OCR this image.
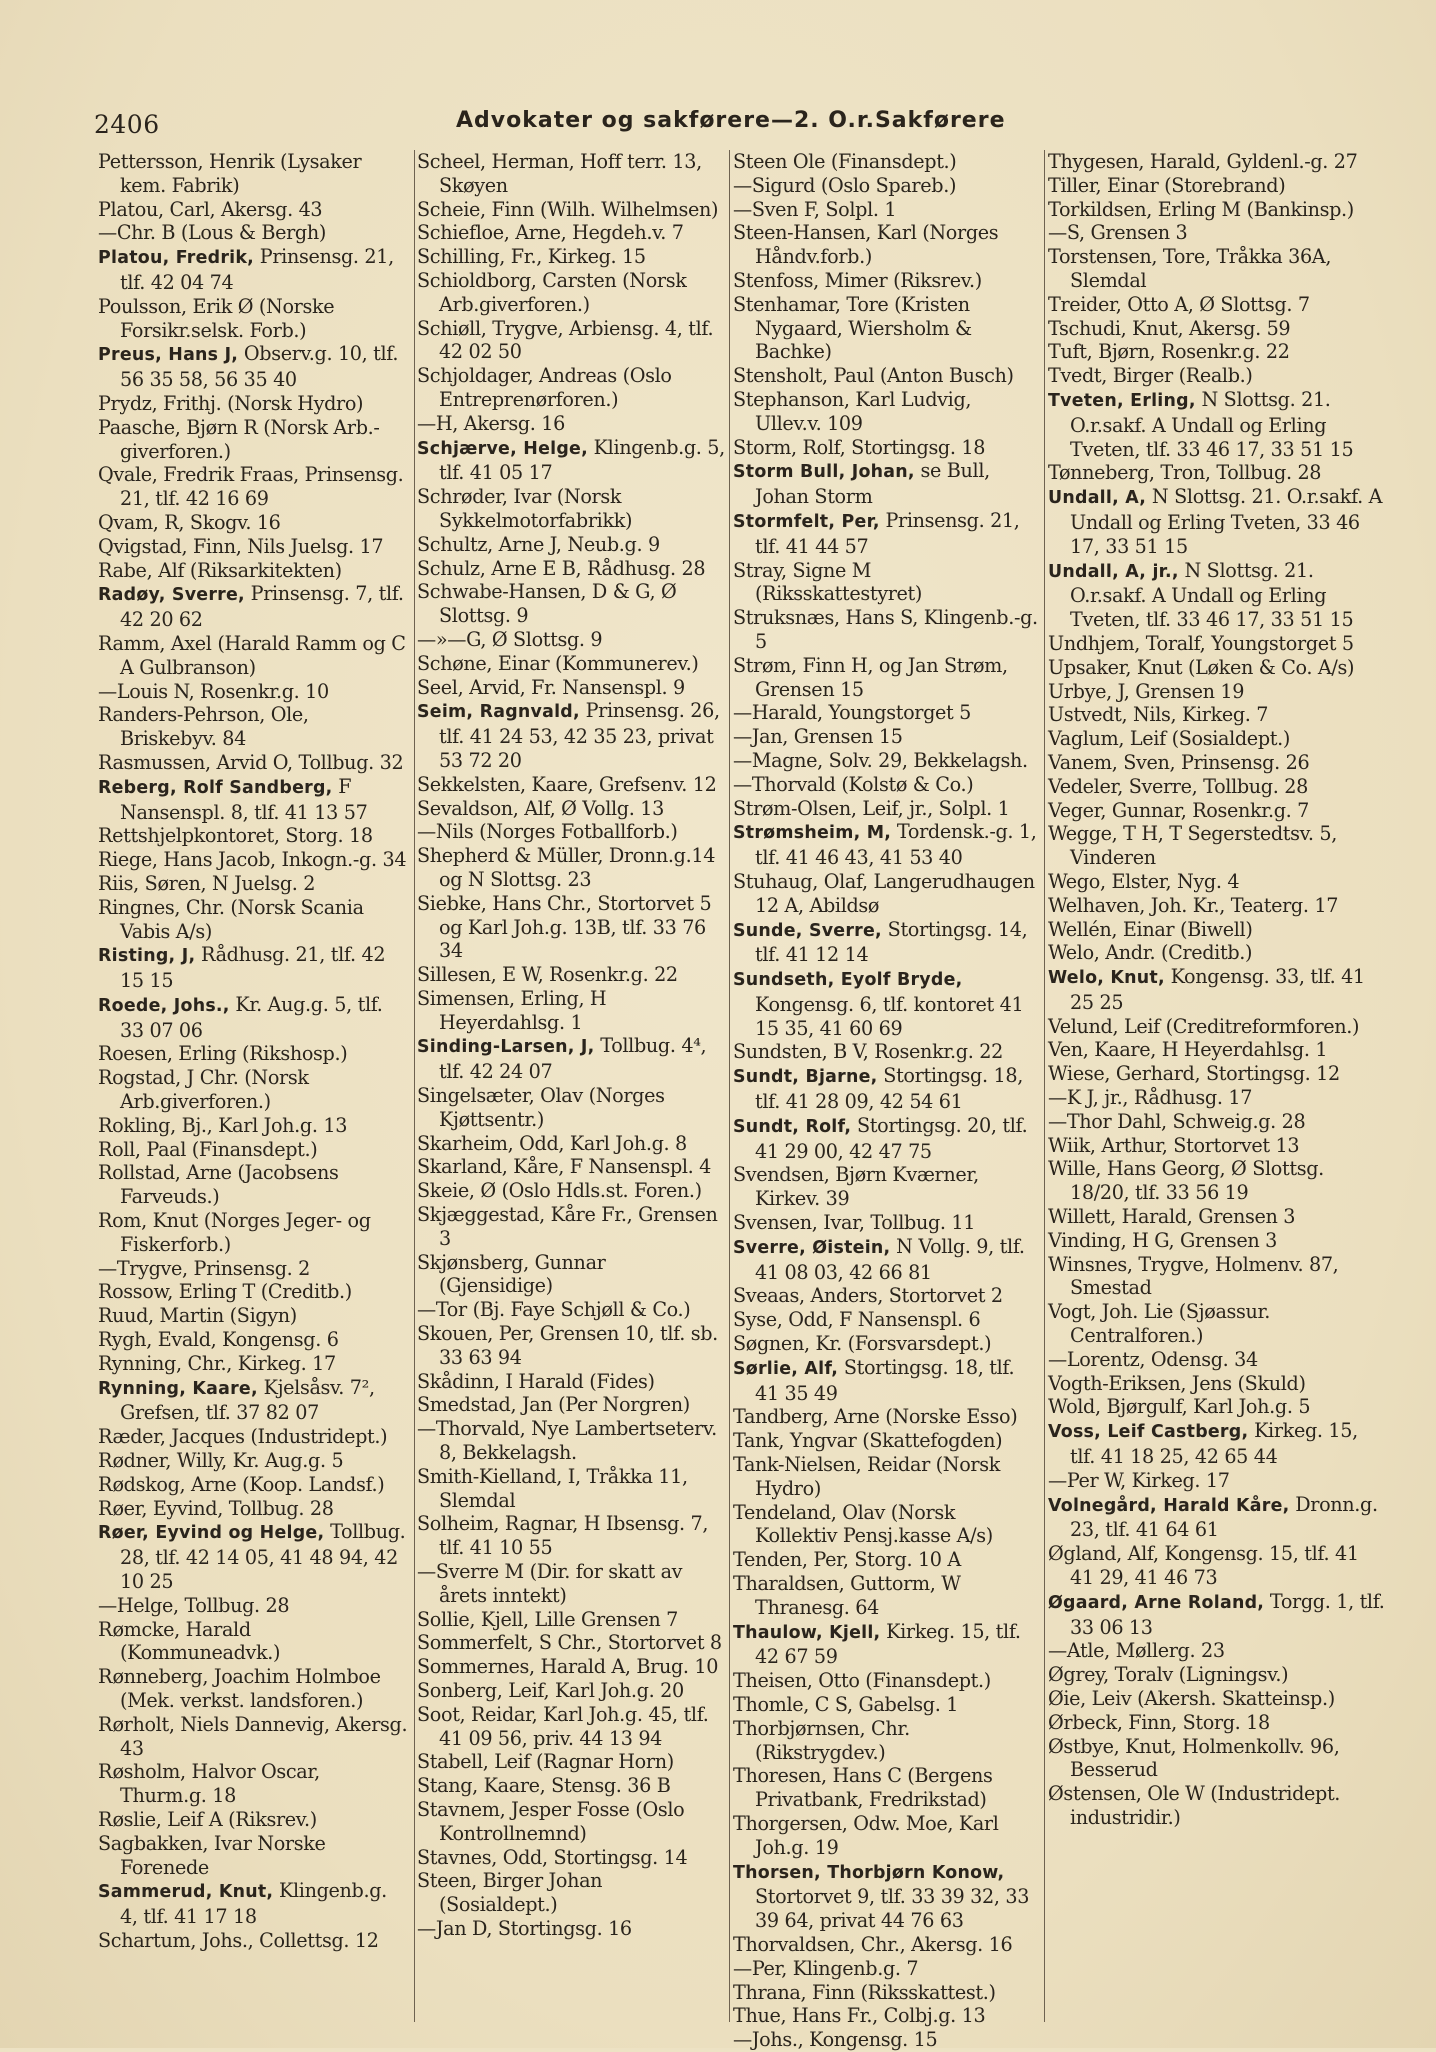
2406	Advokater og sakførere—2. O.r.Sakførere

Pettersson, Henrik (Lysaker kem. Fabrik)

Platou, Carl, Akersg. 43

—Chr. B (Lous & Bergh)

Platou, Fredrik, Prinsensg. 21, tlf. 42 04 74

Poulsson, Erik Ø (Norske Forsikr.selsk. Forb.)

Preus, Hans J, Observ.g. 10, tlf. 56 35 58, 56 35 40

Prydz, Frithj. (Norsk Hydro)

Paasche, Bjørn R (Norsk Arb.-giverforen.)

Qvale, Fredrik Fraas, Prinsensg. 21, tlf. 42 16 69

Qvam, R, Skogv. 16

Qvigstad, Finn, Nils Juelsg. 17

Rabe, Alf (Riksarkitekten)

Radøy, Sverre, Prinsensg. 7, tlf. 42 20 62

Ramm, Axel (Harald Ramm og C A Gulbranson)

—Louis N, Rosenkr.g. 10

Randers-Pehrson, Ole, Briskebyv. 84

Rasmussen, Arvid O, Tollbug. 32

Reberg, Rolf Sandberg, F Nansenspl. 8, tlf. 41 13 57

Rettshjelpkontoret, Storg. 18

Riege, Hans Jacob, Inkogn.-g. 34

Riis, Søren, N Juelsg. 2

Ringnes, Chr. (Norsk Scania Vabis A/s)

Risting, J, Rådhusg. 21, tlf. 42 15 15

Roede, Johs., Kr. Aug.g. 5, tlf. 33 07 06

Roesen, Erling (Rikshosp.)

Rogstad, J Chr. (Norsk Arb.giverforen.)

Rokling, Bj., Karl Joh.g. 13

Roll, Paal (Finansdept.)

Rollstad, Arne (Jacobsens Farveuds.)

Rom, Knut (Norges Jeger- og Fiskerforb.)

—Trygve, Prinsensg. 2

Rossow, Erling T (Creditb.)

Ruud, Martin (Sigyn)

Rygh, Evald, Kongensg. 6

Rynning, Chr., Kirkeg. 17

Rynning, Kaare, Kjelsåsv. 7², Grefsen, tlf. 37 82 07

Ræder, Jacques (Industridept.)

Rødner, Willy, Kr. Aug.g. 5

Rødskog, Arne (Koop. Landsf.)

Røer, Eyvind, Tollbug. 28

Røer, Eyvind og Helge, Tollbug. 28, tlf. 42 14 05, 41 48 94, 42 10 25

—Helge, Tollbug. 28

Rømcke, Harald (Kommuneadvk.)

Rønneberg, Joachim Holmboe (Mek. verkst. landsforen.)

Rørholt, Niels Dannevig, Akersg. 43

Røsholm, Halvor Oscar, Thurm.g. 18

Røslie, Leif A (Riksrev.)

Sagbakken, Ivar Norske Forenede

Sammerud, Knut, Klingenb.g. 4, tlf. 41 17 18

Schartum, Johs., Collettsg. 12

Scheel, Herman, Hoff terr. 13, Skøyen

Scheie, Finn (Wilh. Wilhelmsen)

Schiefloe, Arne, Hegdeh.v. 7

Schilling, Fr., Kirkeg. 15

Schioldborg, Carsten (Norsk Arb.giverforen.)

Schiøll, Trygve, Arbiensg. 4, tlf. 42 02 50

Schjoldager, Andreas (Oslo Entreprenørforen.)

—H, Akersg. 16

Schjærve, Helge, Klingenb.g. 5, tlf. 41 05 17

Schrøder, Ivar (Norsk Sykkelmotorfabrikk)

Schultz, Arne J, Neub.g. 9

Schulz, Arne E B, Rådhusg. 28

Schwabe-Hansen, D & G, Ø Slottsg. 9

—»—G, Ø Slottsg. 9

Schøne, Einar (Kommunerev.)

Seel, Arvid, Fr. Nansenspl. 9

Seim, Ragnvald, Prinsensg. 26, tlf. 41 24 53, 42 35 23, privat 53 72 20

Sekkelsten, Kaare, Grefsenv. 12

Sevaldson, Alf, Ø Vollg. 13

—Nils (Norges Fotballforb.)

Shepherd & Müller, Dronn.g.14 og N Slottsg. 23

Siebke, Hans Chr., Stortorvet 5 og Karl Joh.g. 13B, tlf. 33 76 34

Sillesen, E W, Rosenkr.g. 22

Simensen, Erling, H Heyerdahlsg. 1

Sinding-Larsen, J, Tollbug. 4⁴, tlf. 42 24 07

Singelsæter, Olav (Norges Kjøttsentr.)

Skarheim, Odd, Karl Joh.g. 8

Skarland, Kåre, F Nansenspl. 4

Skeie, Ø (Oslo Hdls.st. Foren.)

Skjæggestad, Kåre Fr., Grensen 3

Skjønsberg, Gunnar (Gjensidige)

—Tor (Bj. Faye Schjøll & Co.)

Skouen, Per, Grensen 10, tlf. sb. 33 63 94

Skådinn, I Harald (Fides)

Smedstad, Jan (Per Norgren)

—Thorvald, Nye Lambertseterv. 8, Bekkelagsh.

Smith-Kielland, I, Tråkka 11, Slemdal

Solheim, Ragnar, H Ibsensg. 7, tlf. 41 10 55

—Sverre M (Dir. for skatt av årets inntekt)

Sollie, Kjell, Lille Grensen 7

Sommerfelt, S Chr., Stortorvet 8

Sommernes, Harald A, Brug. 10

Sonberg, Leif, Karl Joh.g. 20

Soot, Reidar, Karl Joh.g. 45, tlf. 41 09 56, priv. 44 13 94

Stabell, Leif (Ragnar Horn)

Stang, Kaare, Stensg. 36 B

Stavnem, Jesper Fosse (Oslo Kontrollnemnd)

Stavnes, Odd, Stortingsg. 14

Steen, Birger Johan (Sosialdept.)

—Jan D, Stortingsg. 16

Steen Ole (Finansdept.)

—Sigurd (Oslo Spareb.)

—Sven F, Solpl. 1

Steen-Hansen, Karl (Norges Håndv.forb.)

Stenfoss, Mimer (Riksrev.)

Stenhamar, Tore (Kristen Nygaard, Wiersholm & Bachke)

Stensholt, Paul (Anton Busch)

Stephanson, Karl Ludvig, Ullev.v. 109

Storm, Rolf, Stortingsg. 18

Storm Bull, Johan, se Bull, Johan Storm

Stormfelt, Per, Prinsensg. 21, tlf. 41 44 57

Stray, Signe M (Riksskattestyret)

Struksnæs, Hans S, Klingenb.-g. 5

Strøm, Finn H, og Jan Strøm, Grensen 15

—Harald, Youngstorget 5

—Jan, Grensen 15

—Magne, Solv. 29, Bekkelagsh.

—Thorvald (Kolstø & Co.)

Strøm-Olsen, Leif, jr., Solpl. 1

Strømsheim, M, Tordensk.-g. 1, tlf. 41 46 43, 41 53 40

Stuhaug, Olaf, Langerudhaugen 12 A, Abildsø

Sunde, Sverre, Stortingsg. 14, tlf. 41 12 14

Sundseth, Eyolf Bryde, Kongensg. 6, tlf. kontoret 41 15 35, 41 60 69

Sundsten, B V, Rosenkr.g. 22

Sundt, Bjarne, Stortingsg. 18, tlf. 41 28 09, 42 54 61

Sundt, Rolf, Stortingsg. 20, tlf. 41 29 00, 42 47 75

Svendsen, Bjørn Kværner, Kirkev. 39

Svensen, Ivar, Tollbug. 11

Sverre, Øistein, N Vollg. 9, tlf. 41 08 03, 42 66 81

Sveaas, Anders, Stortorvet 2

Syse, Odd, F Nansenspl. 6

Søgnen, Kr. (Forsvarsdept.)

Sørlie, Alf, Stortingsg. 18, tlf. 41 35 49

Tandberg, Arne (Norske Esso)

Tank, Yngvar (Skattefogden)

Tank-Nielsen, Reidar (Norsk Hydro)

Tendeland, Olav (Norsk Kollektiv Pensj.kasse A/s)

Tenden, Per, Storg. 10 A

Tharaldsen, Guttorm, W Thranesg. 64

Thaulow, Kjell, Kirkeg. 15, tlf. 42 67 59

Theisen, Otto (Finansdept.)

Thomle, C S, Gabelsg. 1

Thorbjørnsen, Chr. (Rikstrygdev.)

Thoresen, Hans C (Bergens Privatbank, Fredrikstad)

Thorgersen, Odw. Moe, Karl Joh.g. 19

Thorsen, Thorbjørn Konow, Stortorvet 9, tlf. 33 39 32, 33 39 64, privat 44 76 63

Thorvaldsen, Chr., Akersg. 16

—Per, Klingenb.g. 7

Thrana, Finn (Riksskattest.)

Thue, Hans Fr., Colbj.g. 13

—Johs., Kongensg. 15

Thygesen, Harald, Gyldenl.-g. 27

Tiller, Einar (Storebrand)

Torkildsen, Erling M (Bankinsp.)

—S, Grensen 3

Torstensen, Tore, Tråkka 36A, Slemdal

Treider, Otto A, Ø Slottsg. 7

Tschudi, Knut, Akersg. 59

Tuft, Bjørn, Rosenkr.g. 22

Tvedt, Birger (Realb.)

Tveten, Erling, N Slottsg. 21. O.r.sakf. A Undall og Erling Tveten, tlf. 33 46 17, 33 51 15

Tønneberg, Tron, Tollbug. 28

Undall, A, N Slottsg. 21. O.r.sakf. A Undall og Erling Tveten, 33 46 17, 33 51 15

Undall, A, jr., N Slottsg. 21. O.r.sakf. A Undall og Erling Tveten, tlf. 33 46 17, 33 51 15

Undhjem, Toralf, Youngstorget 5

Upsaker, Knut (Løken & Co. A/s)

Urbye, J, Grensen 19

Ustvedt, Nils, Kirkeg. 7

Vaglum, Leif (Sosialdept.)

Vanem, Sven, Prinsensg. 26

Vedeler, Sverre, Tollbug. 28

Veger, Gunnar, Rosenkr.g. 7

Wegge, T H, T Segerstedtsv. 5, Vinderen

Wego, Elster, Nyg. 4

Welhaven, Joh. Kr., Teaterg. 17

Wellén, Einar (Biwell)

Welo, Andr. (Creditb.)

Welo, Knut, Kongensg. 33, tlf. 41 25 25

Velund, Leif (Creditreformforen.)

Ven, Kaare, H Heyerdahlsg. 1

Wiese, Gerhard, Stortingsg. 12

—K J, jr., Rådhusg. 17

—Thor Dahl, Schweig.g. 28

Wiik, Arthur, Stortorvet 13

Wille, Hans Georg, Ø Slottsg. 18/20, tlf. 33 56 19

Willett, Harald, Grensen 3

Vinding, H G, Grensen 3

Winsnes, Trygve, Holmenv. 87, Smestad

Vogt, Joh. Lie (Sjøassur. Centralforen.)

—Lorentz, Odensg. 34

Vogth-Eriksen, Jens (Skuld)

Wold, Bjørgulf, Karl Joh.g. 5

Voss, Leif Castberg, Kirkeg. 15, tlf. 41 18 25, 42 65 44

—Per W, Kirkeg. 17

Volnegård, Harald Kåre, Dronn.g. 23, tlf. 41 64 61

Øgland, Alf, Kongensg. 15, tlf. 41 41 29, 41 46 73

Øgaard, Arne Roland, Torgg. 1, tlf. 33 06 13

—Atle, Møllerg. 23

Øgrey, Toralv (Ligningsv.)

Øie, Leiv (Akersh. Skatteinsp.)

Ørbeck, Finn, Storg. 18

Østbye, Knut, Holmenkollv. 96, Besserud

Østensen, Ole W (Industridept. industridir.)
